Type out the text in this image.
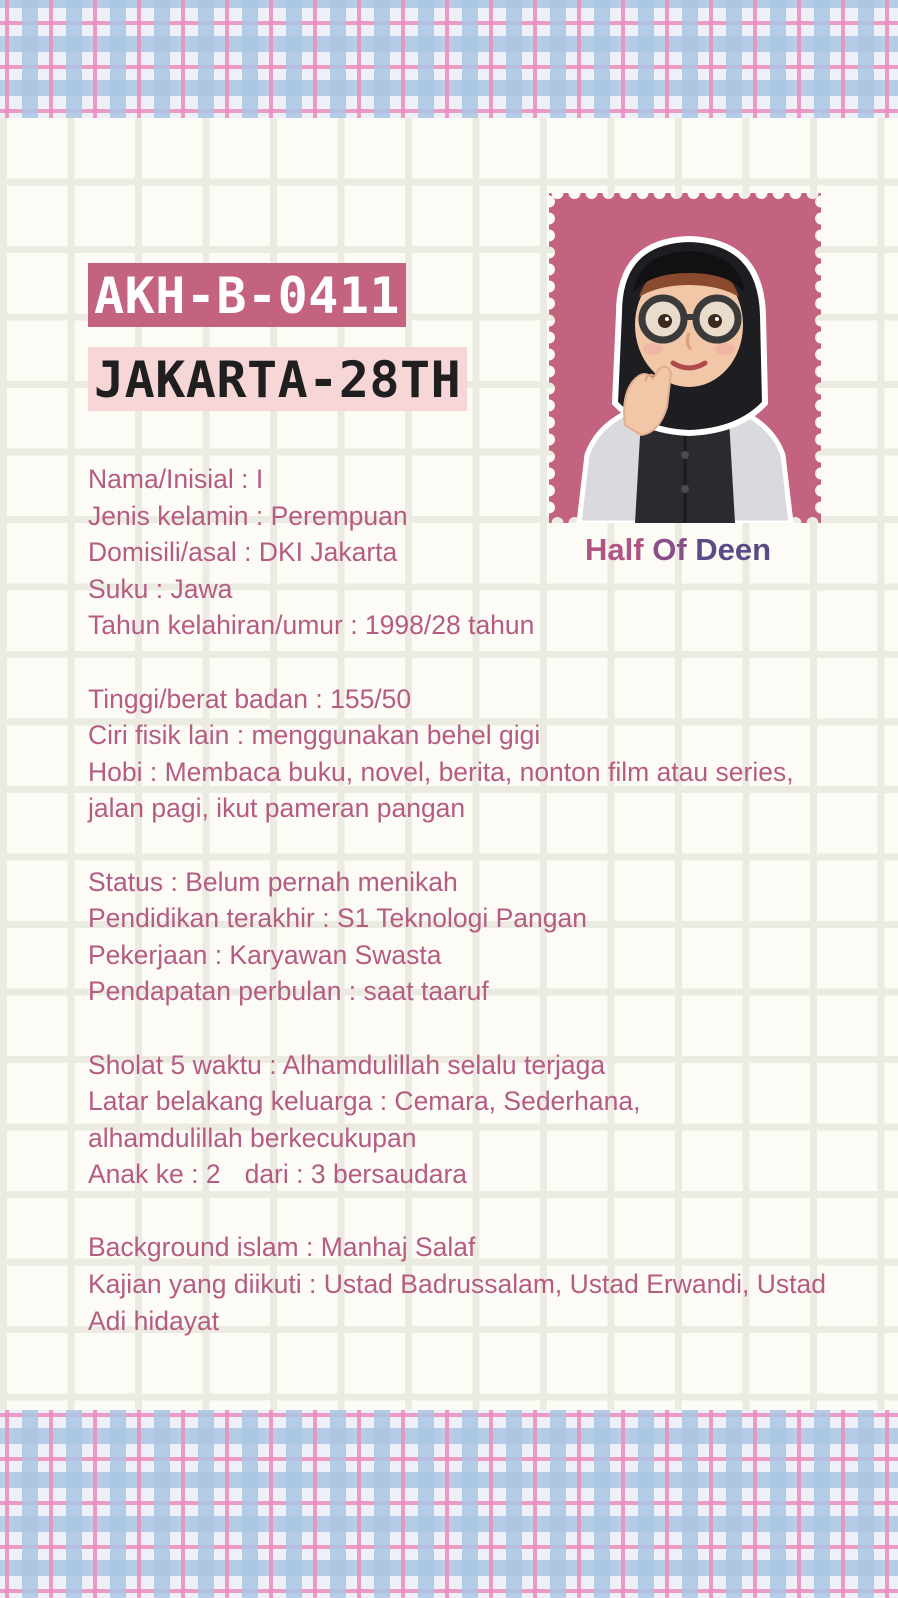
AKH-B-0411
JAKARTA-28TH
Half Of Deen
Nama/Inisial : I
Jenis kelamin : Perempuan
Domisili/asal : DKI Jakarta
Suku : Jawa
Tahun kelahiran/umur : 1998/28 tahun
Tinggi/berat badan : 155/50
Ciri fisik lain : menggunakan behel gigi
Hobi : Membaca buku, novel, berita, nonton film atau series, jalan pagi, ikut pameran pangan
Status : Belum pernah menikah
Pendidikan terakhir : S1 Teknologi Pangan
Pekerjaan : Karyawan Swasta
Pendapatan perbulan : saat taaruf
Sholat 5 waktu : Alhamdulillah selalu terjaga
Latar belakang keluarga : Cemara, Sederhana, alhamdulillah berkecukupan
Anak ke : 2 dari : 3 bersaudara
Background islam : Manhaj Salaf
Kajian yang diikuti : Ustad Badrussalam, Ustad Erwandi, Ustad Adi hidayat
